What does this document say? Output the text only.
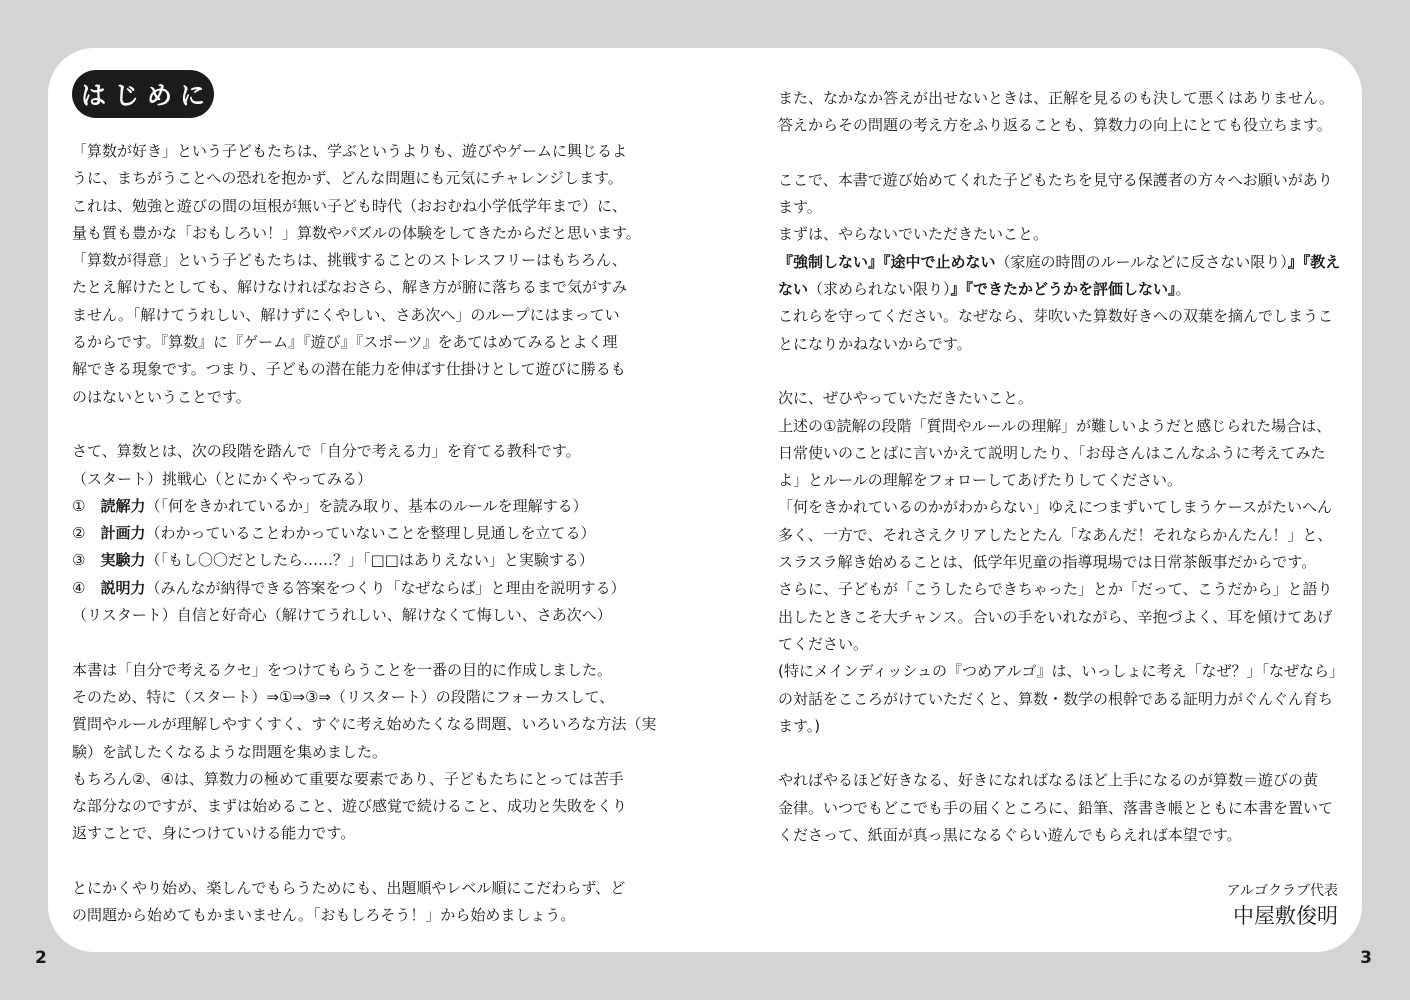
はじめに
「算数が好き」という子どもたちは、学ぶというよりも、遊びやゲームに興じるよ
うに、まちがうことへの恐れを抱かず、どんな問題にも元気にチャレンジします。
これは、勉強と遊びの間の垣根が無い子ども時代（おおむね小学低学年まで）に、
量も質も豊かな「おもしろい！」算数やパズルの体験をしてきたからだと思います。
「算数が得意」という子どもたちは、挑戦することのストレスフリーはもちろん、
たとえ解けたとしても、解けなければなおさら、解き方が腑に落ちるまで気がすみ
ません。「解けてうれしい、解けずにくやしい、さあ次へ」のループにはまってい
るからです。『算数』に『ゲーム』『遊び』『スポーツ』をあてはめてみるとよく理
解できる現象です。つまり、子どもの潜在能力を伸ばす仕掛けとして遊びに勝るも
のはないということです。
さて、算数とは、次の段階を踏んで「自分で考える力」を育てる教科です。
（スタート）挑戦心（とにかくやってみる）
①　 読解力（「何をきかれているか」を読み取り、基本のルールを理解する）
②　 計画力（わかっていることわかっていないことを整理し見通しを立てる）
③　 実験力（「もし〇〇だとしたら……？」「□□はありえない」と実験する）
④　 説明力（みんなが納得できる答案をつくり「なぜならば」と理由を説明する）
（リスタート）自信と好奇心（解けてうれしい、解けなくて悔しい、さあ次へ）
本書は「自分で考えるクセ」をつけてもらうことを一番の目的に作成しました。
そのため、特に（スタート）⇒①⇒③⇒（リスタート）の段階にフォーカスして、
質問やルールが理解しやすくすく、すぐに考え始めたくなる問題、いろいろな方法（実
験）を試したくなるような問題を集めました。
もちろん②、④は、算数力の極めて重要な要素であり、子どもたちにとっては苦手
な部分なのですが、まずは始めること、遊び感覚で続けること、成功と失敗をくり
返すことで、身につけていける能力です。
とにかくやり始め、楽しんでもらうためにも、出題順やレベル順にこだわらず、ど
の問題から始めてもかまいません。「おもしろそう！」から始めましょう。
また、なかなか答えが出せないときは、正解を見るのも決して悪くはありません。
答えからその問題の考え方をふり返ることも、算数力の向上にとても役立ちます。
ここで、本書で遊び始めてくれた子どもたちを見守る保護者の方々へお願いがあり
ます。
まずは、やらないでいただきたいこと。
『強制しない』『途中で止めない（家庭の時間のルールなどに反さない限り）』『教え
ない（求められない限り）』『できたかどうかを評価しない』。
これらを守ってください。なぜなら、芽吹いた算数好きへの双葉を摘んでしまうこ
とになりかねないからです。
次に、ぜひやっていただきたいこと。
上述の①読解の段階「質問やルールの理解」が難しいようだと感じられた場合は、
日常使いのことばに言いかえて説明したり、「お母さんはこんなふうに考えてみた
よ」とルールの理解をフォローしてあげたりしてください。
「何をきかれているのかがわからない」ゆえにつまずいてしまうケースがたいへん
多く、一方で、それさえクリアしたとたん「なあんだ！それならかんたん！」と、
スラスラ解き始めることは、低学年児童の指導現場では日常茶飯事だからです。
さらに、子どもが「こうしたらできちゃった」とか「だって、こうだから」と語り
出したときこそ大チャンス。合いの手をいれながら、辛抱づよく、耳を傾けてあげ
てください。
(特にメインディッシュの『つめアルゴ』は、いっしょに考え「なぜ？」「なぜなら」
の対話をこころがけていただくと、算数・数学の根幹である証明力がぐんぐん育ち
ます。)
やればやるほど好きなる、好きになればなるほど上手になるのが算数＝遊びの黄
金律。いつでもどこでも手の届くところに、鉛筆、落書き帳とともに本書を置いて
くださって、紙面が真っ黒になるぐらい遊んでもらえれば本望です。
アルゴクラブ代表
中屋敷俊明
2	3
